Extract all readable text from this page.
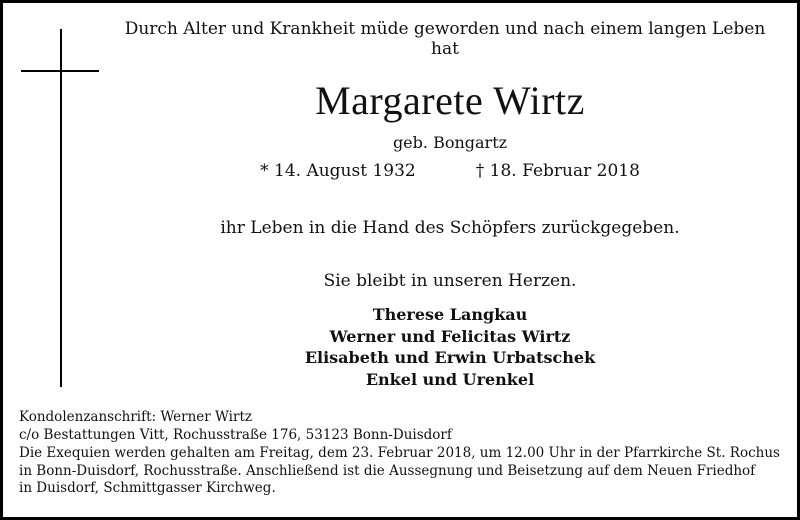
Durch Alter und Krankheit müde geworden und nach einem langen Leben hat
Margarete Wirtz
geb. Bongartz
* 14. August 1932	† 18. Februar 2018
ihr Leben in die Hand des Schöpfers zurückgegeben.
Sie bleibt in unseren Herzen.
Therese Langkau
Werner und Felicitas Wirtz
Elisabeth und Erwin Urbatschek
Enkel und Urenkel

Kondolenzanschrift: Werner Wirtz

c/o Bestattungen Vitt, Rochusstraße 176, 53123 Bonn-Duisdorf

Die Exequien werden gehalten am Freitag, dem 23. Februar 2018, um 12.00 Uhr in der Pfarrkirche St. Rochus

in Bonn-Duisdorf, Rochusstraße. Anschließend ist die Aussegnung und Beisetzung auf dem Neuen Friedhof

in Duisdorf, Schmittgasser Kirchweg.
